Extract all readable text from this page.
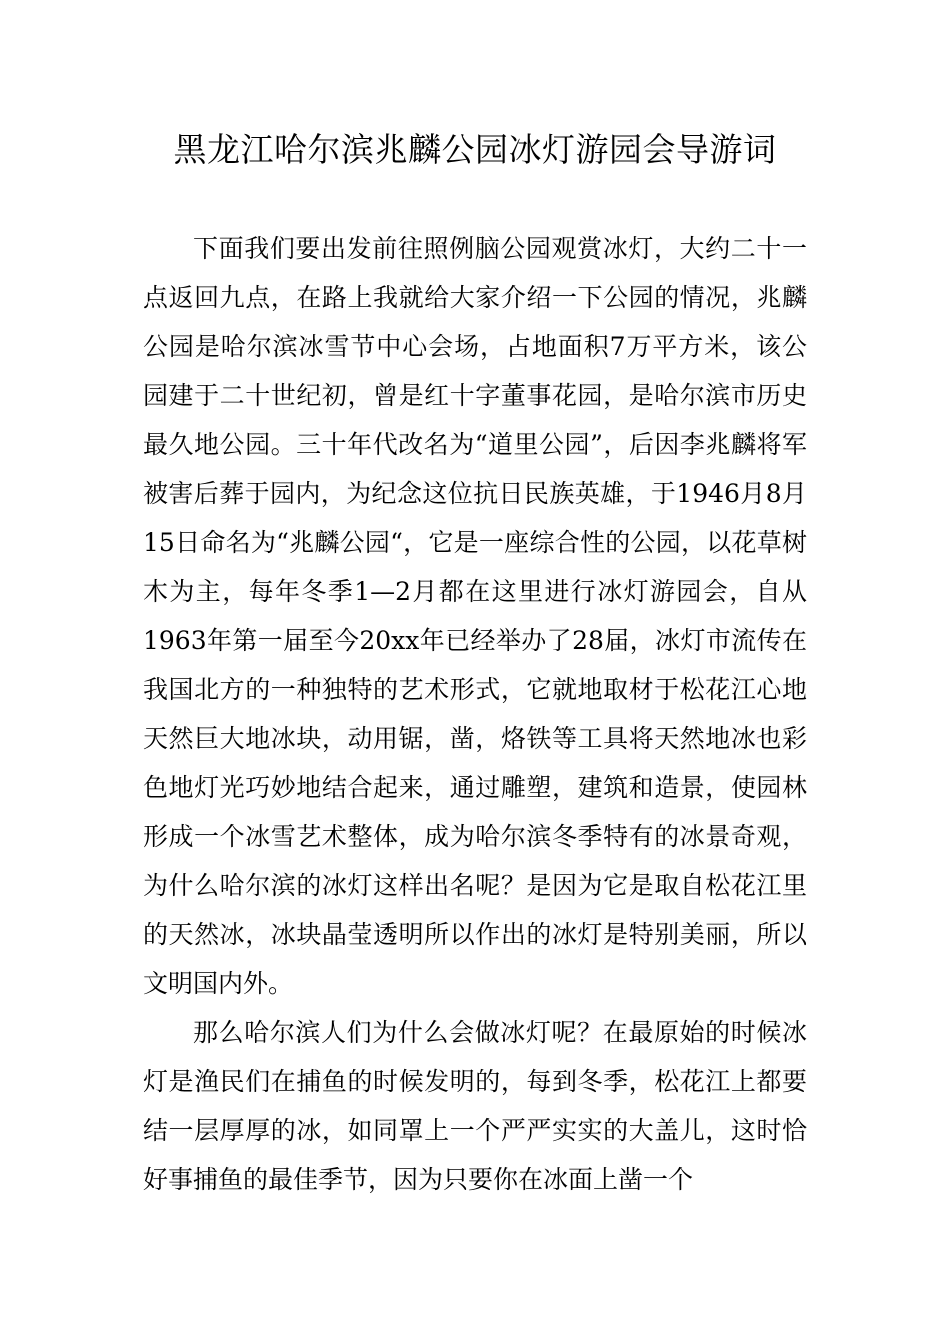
黑龙江哈尔滨兆麟公园冰灯游园会导游词

下面我们要出发前往照例脑公园观赏冰灯，大约二十一点返回九点，在路上我就给大家介绍一下公园的情况，兆麟公园是哈尔滨冰雪节中心会场，占地面积7万平方米，该公园建于二十世纪初，曾是红十字董事花园，是哈尔滨市历史最久地公园。三十年代改名为“道里公园”，后因李兆麟将军被害后葬于园内，为纪念这位抗日民族英雄，于1946月8月15日命名为“兆麟公园“，它是一座综合性的公园，以花草树木为主，每年冬季1—2月都在这里进行冰灯游园会，自从1963年第一届至今20xx年已经举办了28届，冰灯市流传在我国北方的一种独特的艺术形式，它就地取材于松花江心地天然巨大地冰块，动用锯，凿，烙铁等工具将天然地冰也彩色地灯光巧妙地结合起来，通过雕塑，建筑和造景，使园林形成一个冰雪艺术整体，成为哈尔滨冬季特有的冰景奇观，为什么哈尔滨的冰灯这样出名呢？是因为它是取自松花江里的天然冰，冰块晶莹透明所以作出的冰灯是特别美丽，所以文明国内外。

那么哈尔滨人们为什么会做冰灯呢？在最原始的时候冰灯是渔民们在捕鱼的时候发明的，每到冬季，松花江上都要结一层厚厚的冰，如同罩上一个严严实实的大盖儿，这时恰好事捕鱼的最佳季节，因为只要你在冰面上凿一个
